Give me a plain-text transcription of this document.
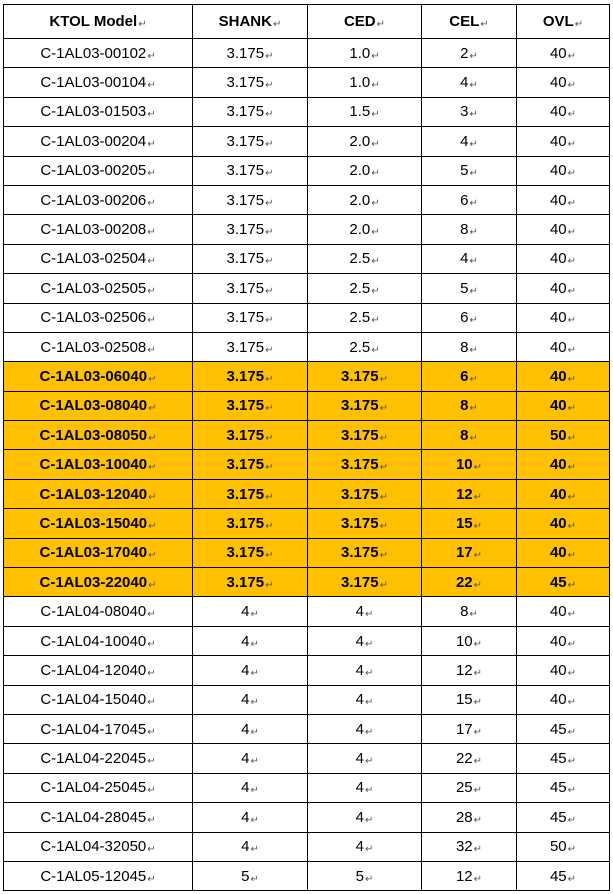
KTOL Model↵	SHANK↵	CED↵	CEL↵	OVL↵
C-1AL03-00102↵	3.175↵	1.0↵	2↵	40↵
C-1AL03-00104↵	3.175↵	1.0↵	4↵	40↵
C-1AL03-01503↵	3.175↵	1.5↵	3↵	40↵
C-1AL03-00204↵	3.175↵	2.0↵	4↵	40↵
C-1AL03-00205↵	3.175↵	2.0↵	5↵	40↵
C-1AL03-00206↵	3.175↵	2.0↵	6↵	40↵
C-1AL03-00208↵	3.175↵	2.0↵	8↵	40↵
C-1AL03-02504↵	3.175↵	2.5↵	4↵	40↵
C-1AL03-02505↵	3.175↵	2.5↵	5↵	40↵
C-1AL03-02506↵	3.175↵	2.5↵	6↵	40↵
C-1AL03-02508↵	3.175↵	2.5↵	8↵	40↵
C-1AL03-06040↵	3.175↵	3.175↵	6↵	40↵
C-1AL03-08040↵	3.175↵	3.175↵	8↵	40↵
C-1AL03-08050↵	3.175↵	3.175↵	8↵	50↵
C-1AL03-10040↵	3.175↵	3.175↵	10↵	40↵
C-1AL03-12040↵	3.175↵	3.175↵	12↵	40↵
C-1AL03-15040↵	3.175↵	3.175↵	15↵	40↵
C-1AL03-17040↵	3.175↵	3.175↵	17↵	40↵
C-1AL03-22040↵	3.175↵	3.175↵	22↵	45↵
C-1AL04-08040↵	4↵	4↵	8↵	40↵
C-1AL04-10040↵	4↵	4↵	10↵	40↵
C-1AL04-12040↵	4↵	4↵	12↵	40↵
C-1AL04-15040↵	4↵	4↵	15↵	40↵
C-1AL04-17045↵	4↵	4↵	17↵	45↵
C-1AL04-22045↵	4↵	4↵	22↵	45↵
C-1AL04-25045↵	4↵	4↵	25↵	45↵
C-1AL04-28045↵	4↵	4↵	28↵	45↵
C-1AL04-32050↵	4↵	4↵	32↵	50↵
C-1AL05-12045↵	5↵	5↵	12↵	45↵
